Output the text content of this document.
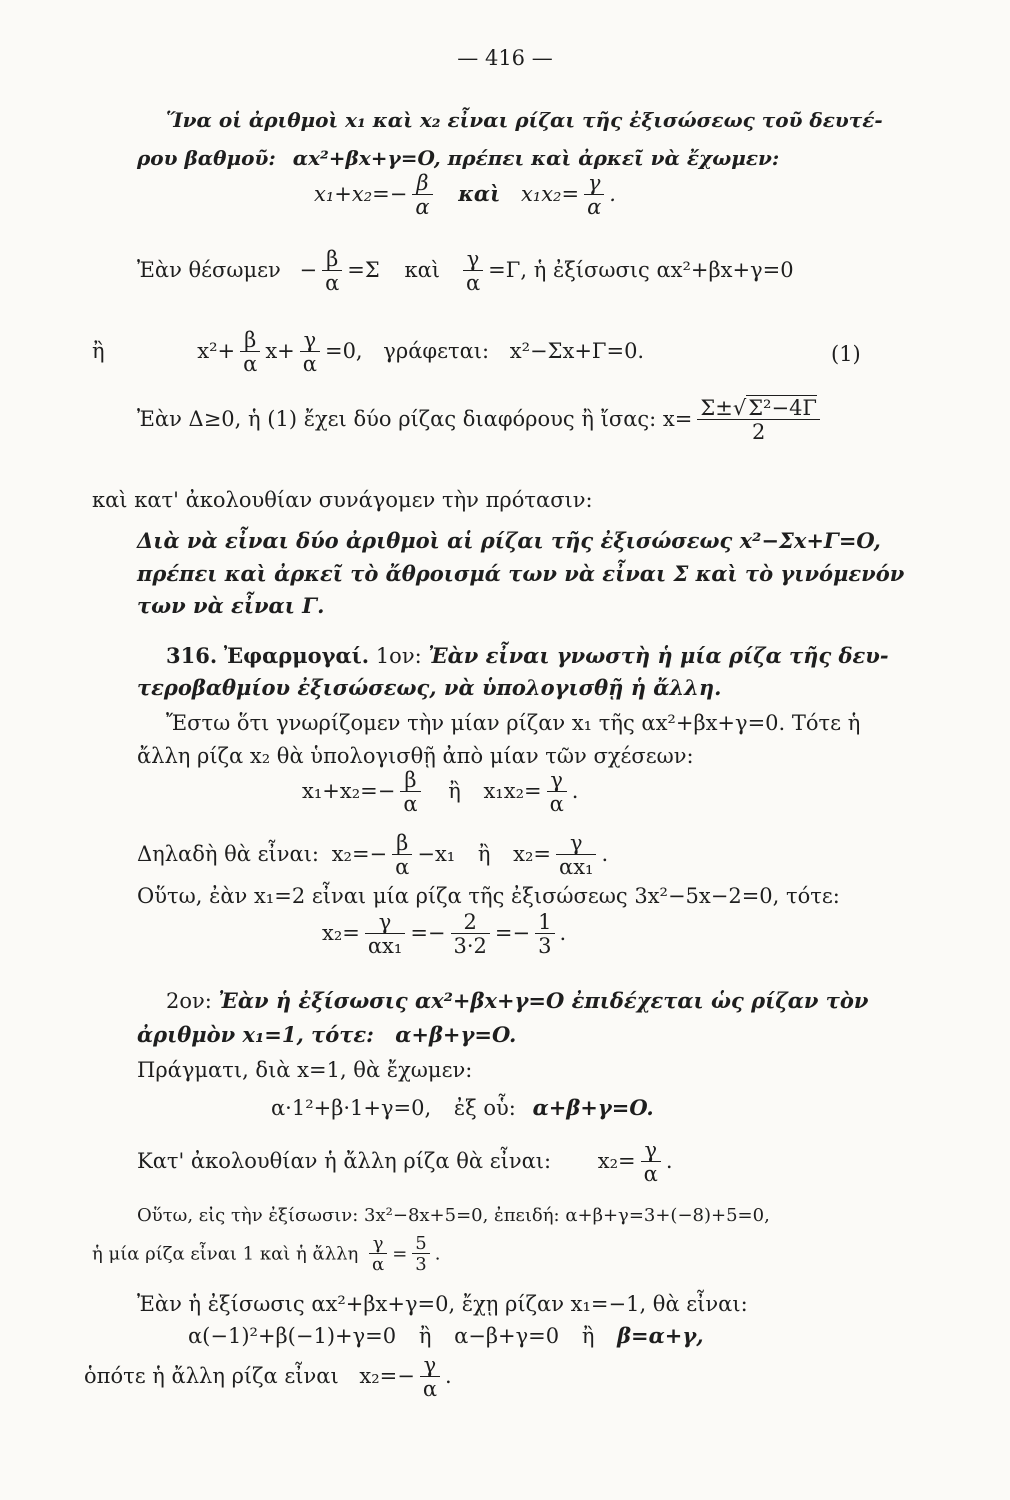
— 416 —
Ἵνα οἱ ἀριθμοὶ x₁ καὶ x₂ εἶναι ρίζαι τῆς ἐξισώσεως τοῦ δευτέ-
ρου βαθμοῦ: αx²+βx+γ=O, πρέπει καὶ ἀρκεῖ νὰ ἔχωμεν:
$x_1+x_2=- \frac{\beta}{\alpha}$ καὶ $x_1x_2= \frac{\gamma}{\alpha}$ .
Ἐὰν $\theta έ\sigma\omega\mu\varepsilon\nu - \frac{\beta}{\alpha} =\Sigma$ καὶ $\frac{\gamma}{\alpha} =\Gamma$, ἡ ἐξίσωσις αx²+βx+γ=0
ἢ	$x^2+ \frac{\beta}{\alpha} x+ \frac{\gamma}{\alpha} =0$, γράφεται: x²−Σx+Γ=0.	(1)
Ἐὰν Δ≥0, ἡ (1) ἔχει δύο ρίζας διαφόρους ἢ ἴσας: $x= \frac{\text{Σ±√Σ²−4Γ}}{2}$
καὶ κατ' ἀκολουθίαν συνάγομεν τὴν πρότασιν:
Διὰ νὰ εἶναι δύο ἀριθμοὶ αἱ ρίζαι τῆς ἐξισώσεως x²−Σx+Γ=O,
πρέπει καὶ ἀρκεῖ τὸ ἄθροισμά των νὰ εἶναι Σ καὶ τὸ γινόμενόν
των νὰ εἶναι Γ.
316. Ἐφαρμογαί. 1ον: Ἐὰν εἶναι γνωστὴ ἡ μία ρίζα τῆς δευ-
τεροβαθμίου ἐξισώσεως, νὰ ὑπολογισθῇ ἡ ἄλλη.
Ἔστω ὅτι γνωρίζομεν τὴν μίαν ρίζαν x₁ τῆς αx²+βx+γ=0. Τότε ἡ
ἄλλη ρίζα x₂ θὰ ὑπολογισθῇ ἀπὸ μίαν τῶν σχέσεων:
$x_1+x_2=- \frac{\beta}{\alpha}$ ἢ $x_1x_2= \frac{\gamma}{\alpha}$ .
Δηλαδὴ θὰ εἶναι: $x_2=- \frac{\beta}{\alpha} -x_1$ ἢ $x_2= \frac{\gamma}{\text{αx₁}}$ .
Οὕτω, ἐὰν x₁=2 εἶναι μία ρίζα τῆς ἐξισώσεως 3x²−5x−2=0, τότε:
$x_2= \frac{\gamma}{\text{αx₁}} =- \frac{2}{3\cdot 2} =- \frac{1}{3}$ .
2ον: Ἐὰν ἡ ἐξίσωσις αx²+βx+γ=O ἐπιδέχεται ὡς ρίζαν τὸν
ἀριθμὸν x₁=1, τότε: α+β+γ=O.
Πράγματι, διὰ x=1, θὰ ἔχωμεν:
α·1²+β·1+γ=0, ἐξ οὗ: α+β+γ=O.
Κατ' ἀκολουθίαν ἡ ἄλλη ρίζα θὰ εἶναι: $x_2= \frac{\gamma}{\alpha}$ .
Οὕτω, εἰς τὴν ἐξίσωσιν: 3x²−8x+5=0, ἐπειδή: α+β+γ=3+(−8)+5=0,
ἡ μία ρίζα εἶναι 1 καὶ ἡ ἄλλη $\frac{\gamma}{\alpha} = \frac{5}{3}$ .
Ἐὰν ἡ ἐξίσωσις αx²+βx+γ=0, ἔχῃ ρίζαν x₁=−1, θὰ εἶναι:
α(−1)²+β(−1)+γ=0 ἢ α−β+γ=0 ἢ β=α+γ,
ὁπότε ἡ ἄλλη ρίζα εἶναι $x_2=- \frac{\gamma}{\alpha}$ .
